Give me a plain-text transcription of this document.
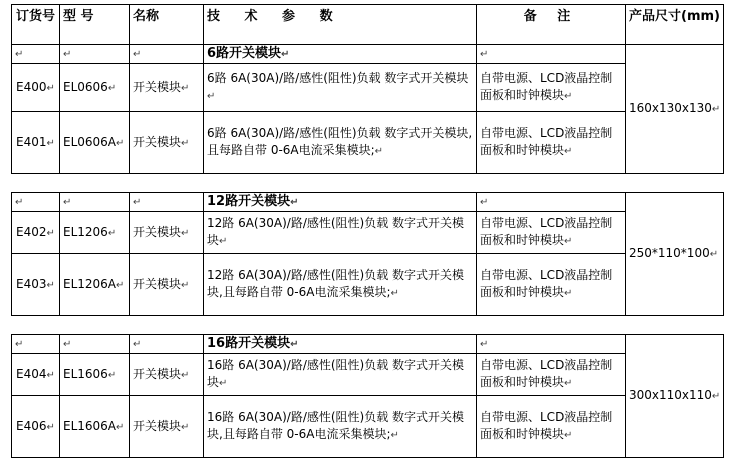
订货号	型 号	名称	技 术 参 数	备 注	产品尺寸(mm)
↵	↵	↵	6路开关模块↵	↵	160x130x130↵
E400↵	EL0606↵	开关模块↵	6路 6A(30A)/路/感性(阻性)负载 数字式开关模块↵	自带电源、LCD液晶控制面板和时钟模块↵	
E401↵	EL0606A↵	开关模块↵	6路 6A(30A)/路/感性(阻性)负载 数字式开关模块,且每路自带 0-6A电流采集模块;↵	自带电源、LCD液晶控制面板和时钟模块↵	

↵	↵	↵	12路开关模块↵	↵	250*110*100↵
E402↵	EL1206↵	开关模块↵	12路 6A(30A)/路/感性(阻性)负载 数字式开关模块↵	自带电源、LCD液晶控制面板和时钟模块↵	
E403↵	EL1206A↵	开关模块↵	12路 6A(30A)/路/感性(阻性)负载 数字式开关模块,且每路自带 0-6A电流采集模块;↵	自带电源、LCD液晶控制面板和时钟模块↵	

↵	↵	↵	16路开关模块↵	↵	300x110x110↵
E404↵	EL1606↵	开关模块↵	16路 6A(30A)/路/感性(阻性)负载 数字式开关模块↵	自带电源、LCD液晶控制面板和时钟模块↵	
E406↵	EL1606A↵	开关模块↵	16路 6A(30A)/路/感性(阻性)负载 数字式开关模块,且每路自带 0-6A电流采集模块;↵	自带电源、LCD液晶控制面板和时钟模块↵	
